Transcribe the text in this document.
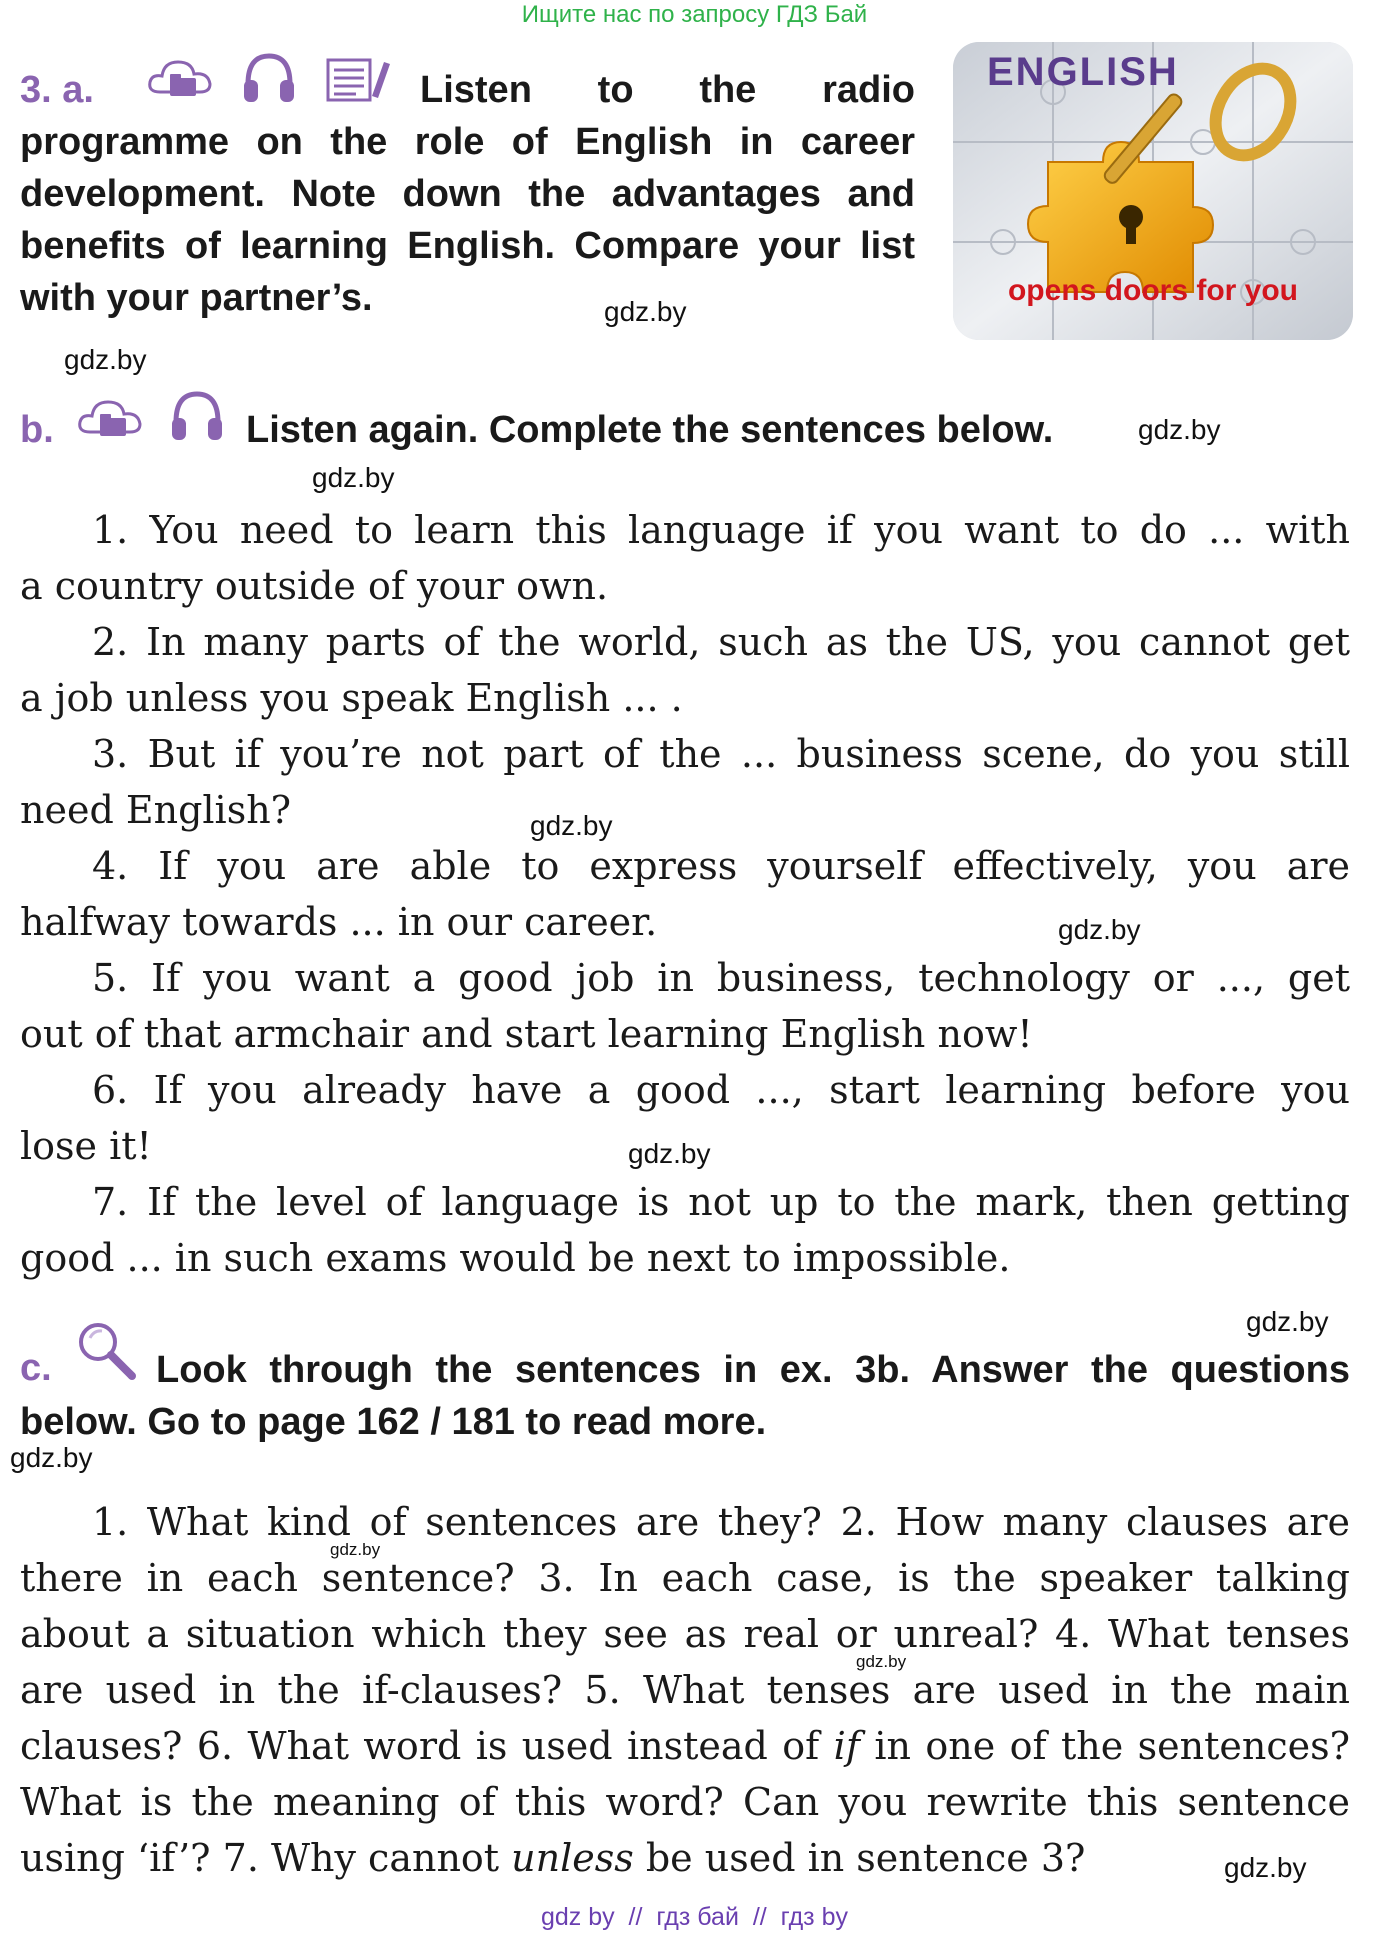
Ищите нас по запросу ГДЗ Бай
3. a.	Listen to the radio
programme on the role of English in career
development. Note down the advantages and
benefits of learning English. Compare your list
with your partner’s.
ENGLISH
opens doors for you
gdz.by
gdz.by
b.	Listen again. Complete the sentences below.	gdz.by
gdz.by
1. You need to learn this language if you want to do ... with
a country outside of your own.
2. In many parts of the world, such as the US, you cannot get
a job unless you speak English ... .
3. But if you’re not part of the ... business scene, do you still
need English?
4. If you are able to express yourself effectively, you are
halfway towards ... in our career.
5. If you want a good job in business, technology or ..., get
out of that armchair and start learning English now!
6. If you already have a good ..., start learning before you
lose it!
7. If the level of language is not up to the mark, then getting
good ... in such exams would be next to impossible.
gdz.by
gdz.by
gdz.by
gdz.by
c.	Look through the sentences in ex. 3b. Answer the questions
below. Go to page 162 / 181 to read more.
gdz.by
1. What kind of sentences are they? 2. How many clauses are
there in each sentence? 3. In each case, is the speaker talking
about a situation which they see as real or unreal? 4. What tenses
are used in the if-clauses? 5. What tenses are used in the main
clauses? 6. What word is used instead of if in one of the sentences?
What is the meaning of this word? Can you rewrite this sentence
using ‘if’? 7. Why cannot unless be used in sentence 3?
gdz.by
gdz.by
gdz.by
gdz by  //  гдз бай  //  гдз by
